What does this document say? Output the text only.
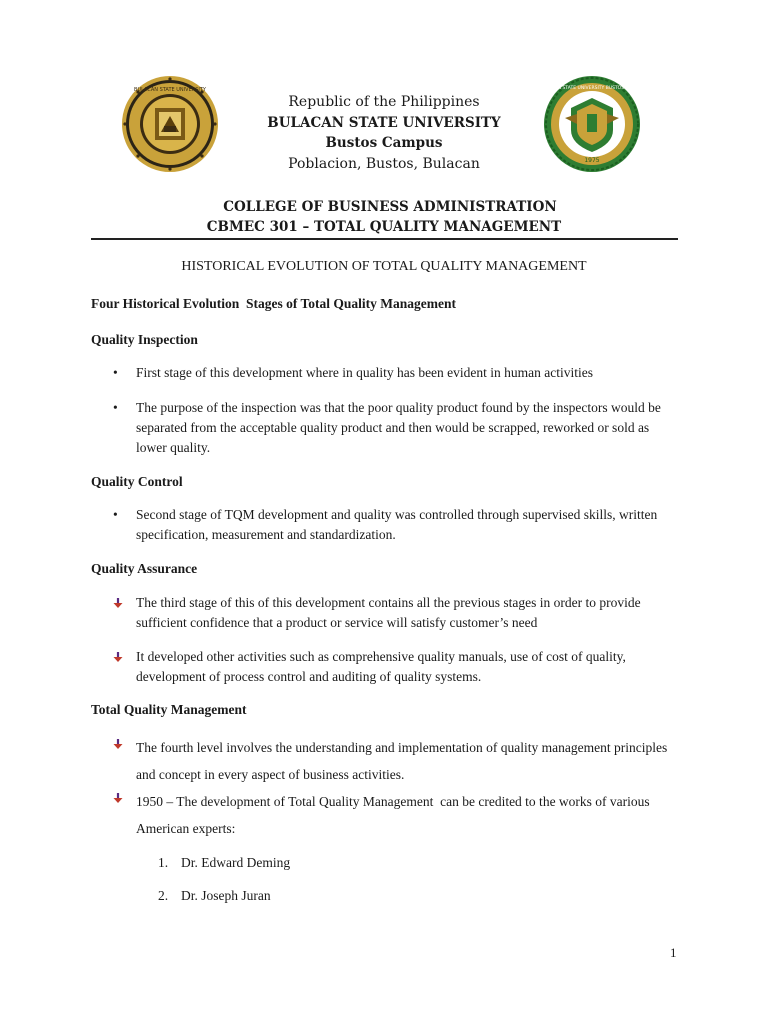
BULACAN STATE UNIVERSITY
1975
BULACAN STATE UNIVERSITY BUSTOS CAMPUS
Republic of the Philippines
BULACAN STATE UNIVERSITY
Bustos Campus
Poblacion, Bustos, Bulacan
COLLEGE OF BUSINESS ADMINISTRATION
CBMEC 301 – TOTAL QUALITY MANAGEMENT
HISTORICAL EVOLUTION OF TOTAL QUALITY MANAGEMENT
Four Historical Evolution  Stages of Total Quality Management
Quality Inspection
• First stage of this development where in quality has been evident in human activities
• The purpose of the inspection was that the poor quality product found by the inspectors would be separated from the acceptable quality product and then would be scrapped, reworked or sold as lower quality.
Quality Control
• Second stage of TQM development and quality was controlled through supervised skills, written specification, measurement and standardization.
Quality Assurance
The third stage of this of this development contains all the previous stages in order to provide sufficient confidence that a product or service will satisfy customer’s need
It developed other activities such as comprehensive quality manuals, use of cost of quality, development of process control and auditing of quality systems.
Total Quality Management
The fourth level involves the understanding and implementation of quality management principles and concept in every aspect of business activities.
1950 – The development of Total Quality Management  can be credited to the works of various American experts:
1. Dr. Edward Deming
2. Dr. Joseph Juran
1
